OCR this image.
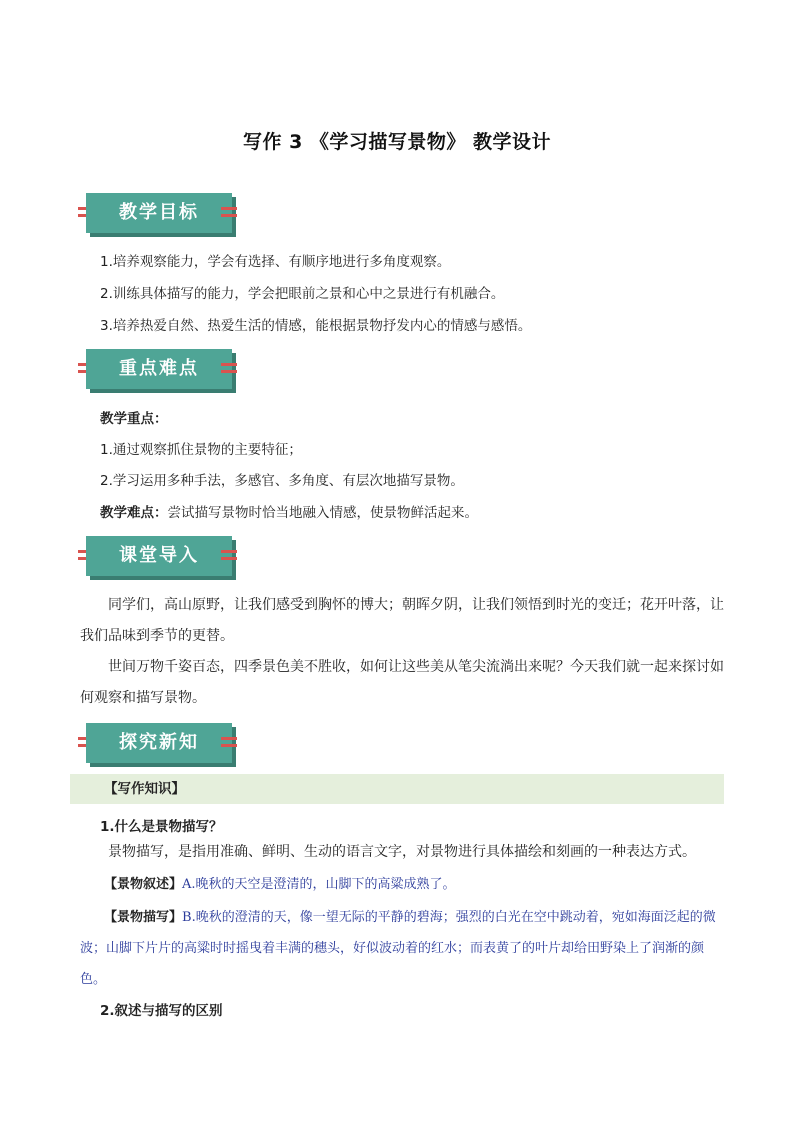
写作 3 《学习描写景物》 教学设计
教学目标
1.培养观察能力，学会有选择、有顺序地进行多角度观察。
2.训练具体描写的能力，学会把眼前之景和心中之景进行有机融合。
3.培养热爱自然、热爱生活的情感，能根据景物抒发内心的情感与感悟。
重点难点
教学重点：
1.通过观察抓住景物的主要特征；
2.学习运用多种手法，多感官、多角度、有层次地描写景物。
教学难点：尝试描写景物时恰当地融入情感，使景物鲜活起来。
课堂导入
同学们，高山原野，让我们感受到胸怀的博大；朝晖夕阴，让我们领悟到时光的变迁；花开叶落，让我们品味到季节的更替。
世间万物千姿百态，四季景色美不胜收，如何让这些美从笔尖流淌出来呢？今天我们就一起来探讨如何观察和描写景物。
探究新知
【写作知识】
1.什么是景物描写？
景物描写，是指用准确、鲜明、生动的语言文字，对景物进行具体描绘和刻画的一种表达方式。
【景物叙述】A.晚秋的天空是澄清的，山脚下的高粱成熟了。
【景物描写】B.晚秋的澄清的天，像一望无际的平静的碧海；强烈的白光在空中跳动着，宛如海面泛起的微波；山脚下片片的高粱时时摇曳着丰满的穗头，好似波动着的红水；而表黄了的叶片却给田野染上了润渐的颜色。
2.叙述与描写的区别
